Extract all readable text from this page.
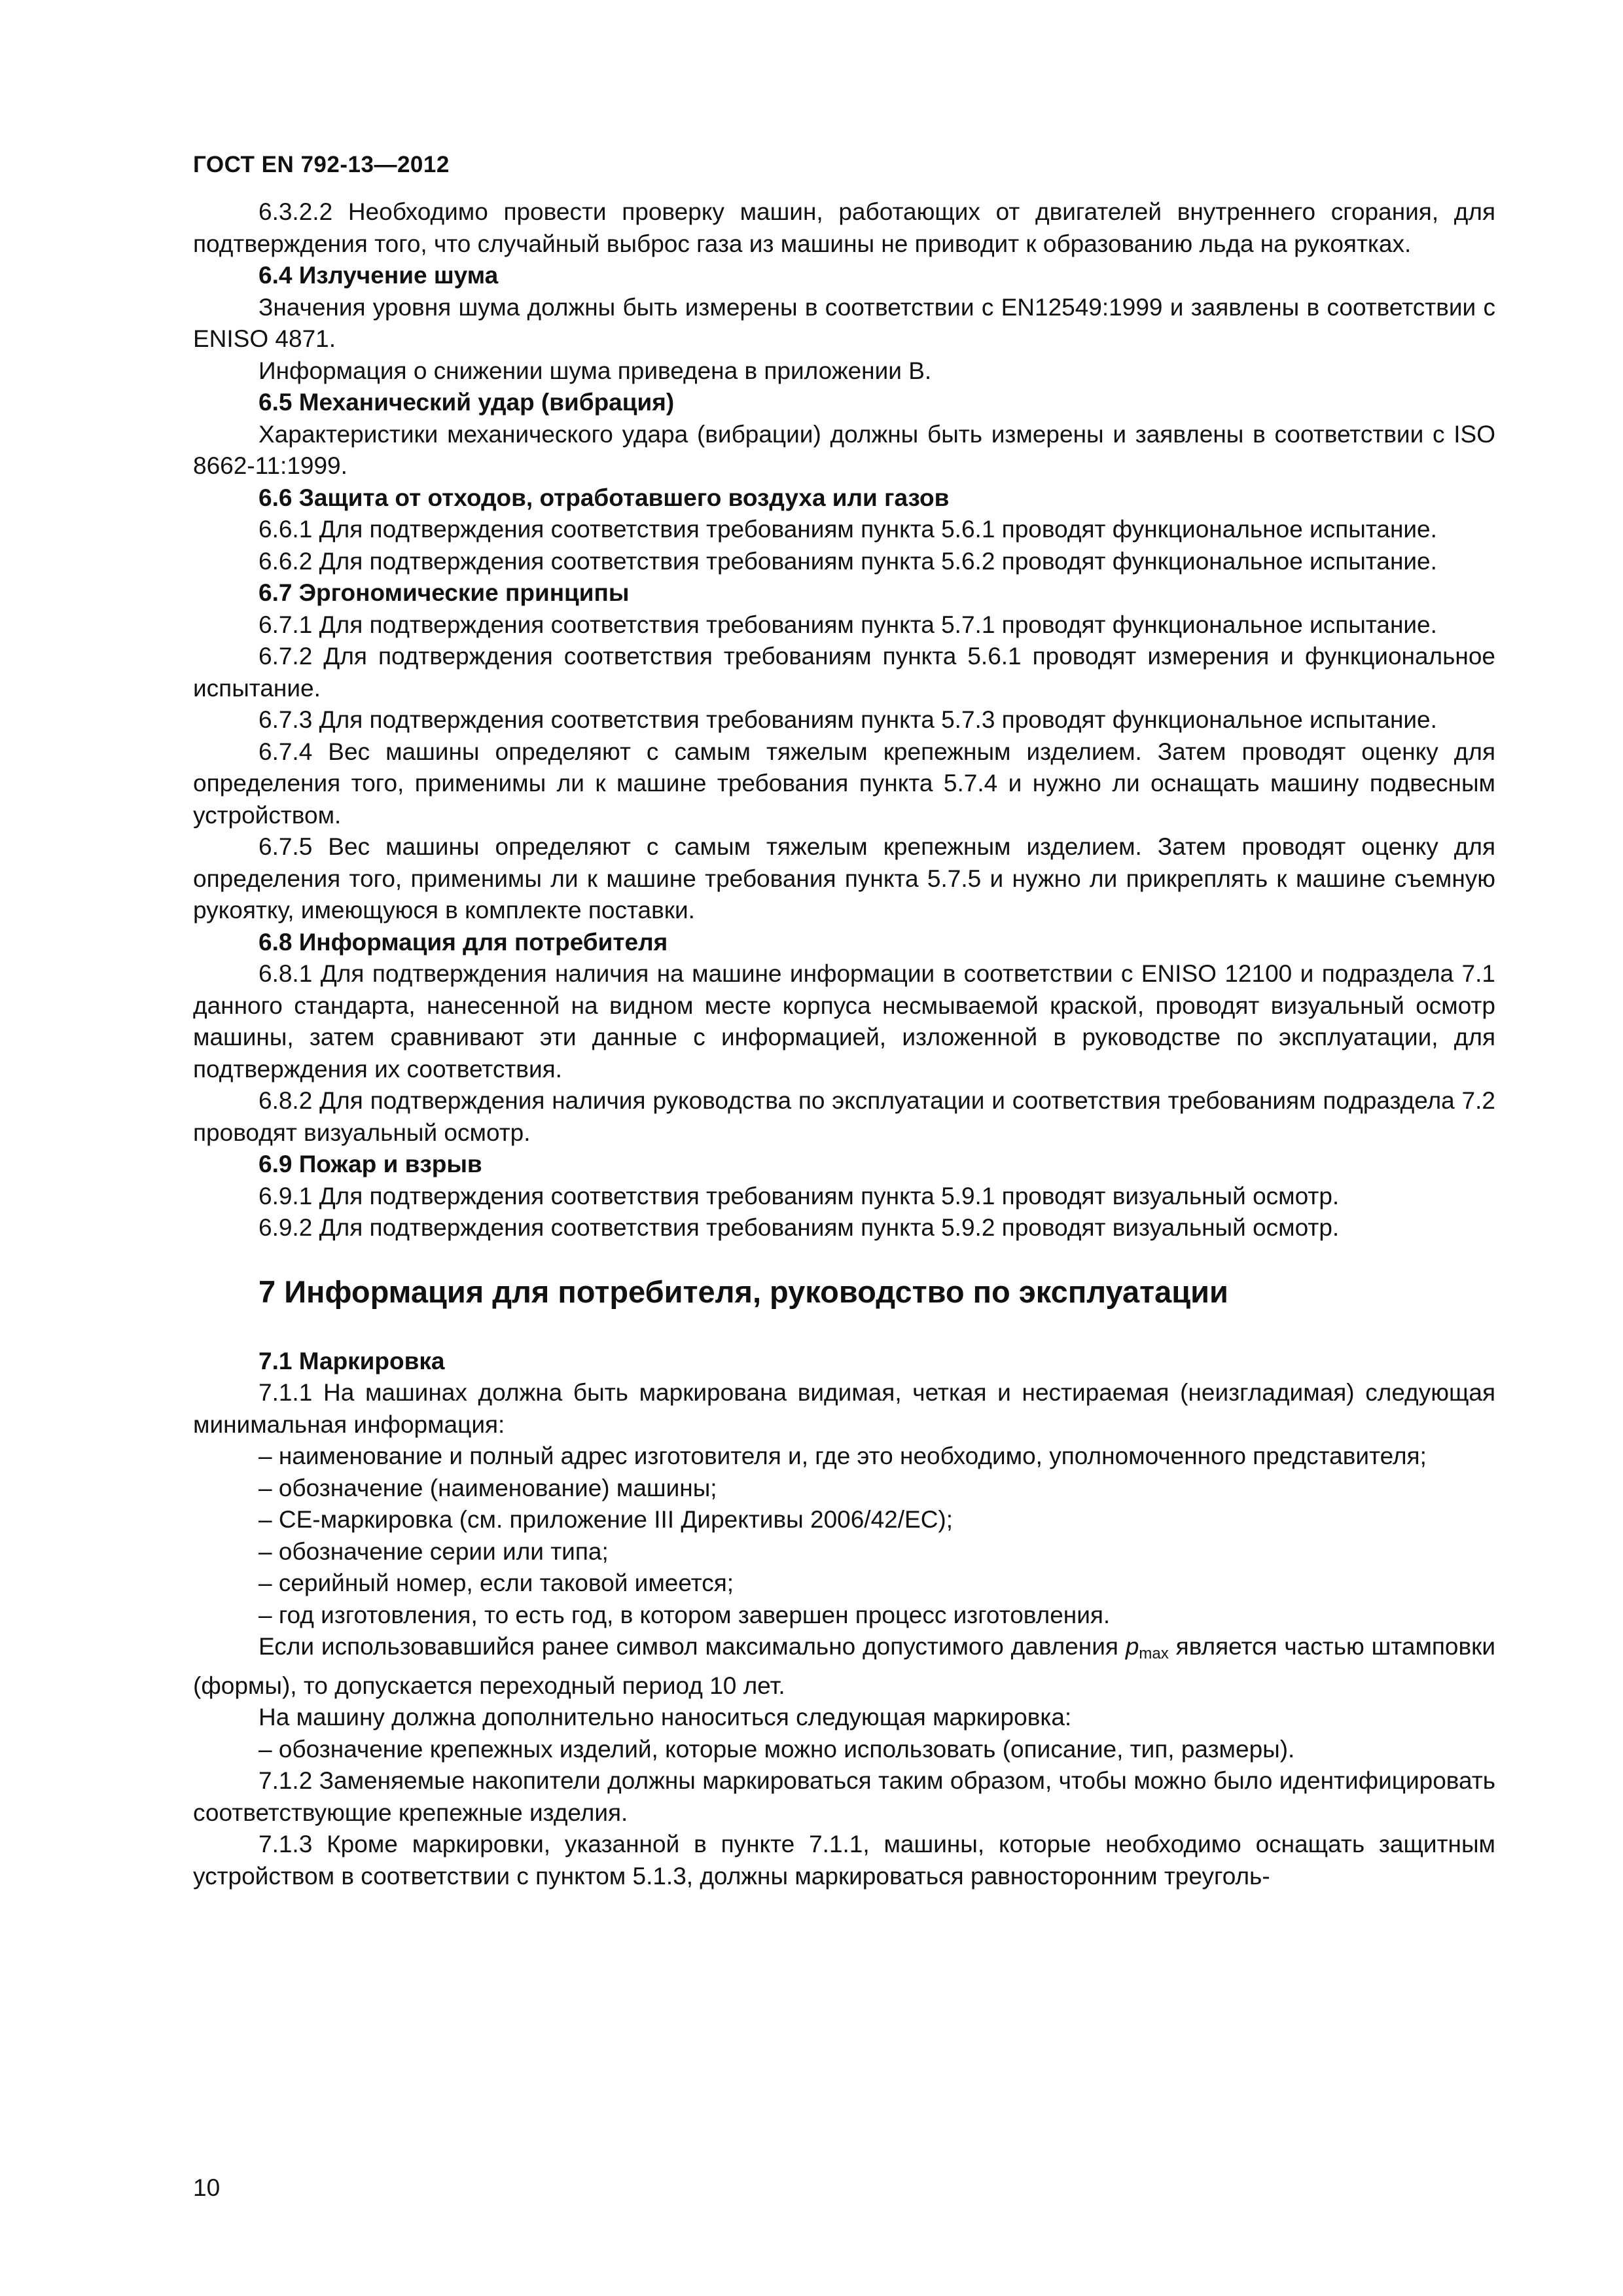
ГОСТ EN 792-13—2012

6.3.2.2 Необходимо провести проверку машин, работающих от двигателей внутреннего сгорания, для подтверждения того, что случайный выброс газа из машины не приводит к образованию льда на рукоятках.

6.4 Излучение шума

Значения уровня шума должны быть измерены в соответствии с EN12549:1999 и заявлены в соответствии с ENISO 4871.

Информация о снижении шума приведена в приложении В.

6.5 Механический удар (вибрация)

Характеристики механического удара (вибрации) должны быть измерены и заявлены в соответствии с ISO 8662-11:1999.

6.6 Защита от отходов, отработавшего воздуха или газов

6.6.1 Для подтверждения соответствия требованиям пункта 5.6.1 проводят функциональное испытание.

6.6.2 Для подтверждения соответствия требованиям пункта 5.6.2 проводят функциональное испытание.

6.7 Эргономические принципы

6.7.1 Для подтверждения соответствия требованиям пункта 5.7.1 проводят функциональное испытание.

6.7.2 Для подтверждения соответствия требованиям пункта 5.6.1 проводят измерения и функциональное испытание.

6.7.3 Для подтверждения соответствия требованиям пункта 5.7.3 проводят функциональное испытание.

6.7.4 Вес машины определяют с самым тяжелым крепежным изделием. Затем проводят оценку для определения того, применимы ли к машине требования пункта 5.7.4 и нужно ли оснащать машину подвесным устройством.

6.7.5 Вес машины определяют с самым тяжелым крепежным изделием. Затем проводят оценку для определения того, применимы ли к машине требования пункта 5.7.5 и нужно ли прикреплять к машине съемную рукоятку, имеющуюся в комплекте поставки.

6.8 Информация для потребителя

6.8.1 Для подтверждения наличия на машине информации в соответствии с ENISO 12100 и подраздела 7.1 данного стандарта, нанесенной на видном месте корпуса несмываемой краской, проводят визуальный осмотр машины, затем сравнивают эти данные с информацией, изложенной в руководстве по эксплуатации, для подтверждения их соответствия.

6.8.2 Для подтверждения наличия руководства по эксплуатации и соответствия требованиям подраздела 7.2 проводят визуальный осмотр.

6.9 Пожар и взрыв

6.9.1 Для подтверждения соответствия требованиям пункта 5.9.1 проводят визуальный осмотр.

6.9.2 Для подтверждения соответствия требованиям пункта 5.9.2 проводят визуальный осмотр.

7 Информация для потребителя, руководство по эксплуатации

7.1 Маркировка

7.1.1 На машинах должна быть маркирована видимая, четкая и нестираемая (неизгладимая) следующая минимальная информация:

– наименование и полный адрес изготовителя и, где это необходимо, уполномоченного представителя;

– обозначение (наименование) машины;

– СЕ-маркировка (см. приложение III Директивы 2006/42/ЕС);

– обозначение серии или типа;

– серийный номер, если таковой имеется;

– год изготовления, то есть год, в котором завершен процесс изготовления.

Если использовавшийся ранее символ максимально допустимого давления pmax является частью штамповки (формы), то допускается переходный период 10 лет.

На машину должна дополнительно наноситься следующая маркировка:

– обозначение крепежных изделий, которые можно использовать (описание, тип, размеры).

7.1.2 Заменяемые накопители должны маркироваться таким образом, чтобы можно было идентифицировать соответствующие крепежные изделия.

7.1.3 Кроме маркировки, указанной в пункте 7.1.1, машины, которые необходимо оснащать защитным устройством в соответствии с пунктом 5.1.3, должны маркироваться равносторонним треуголь-

10
